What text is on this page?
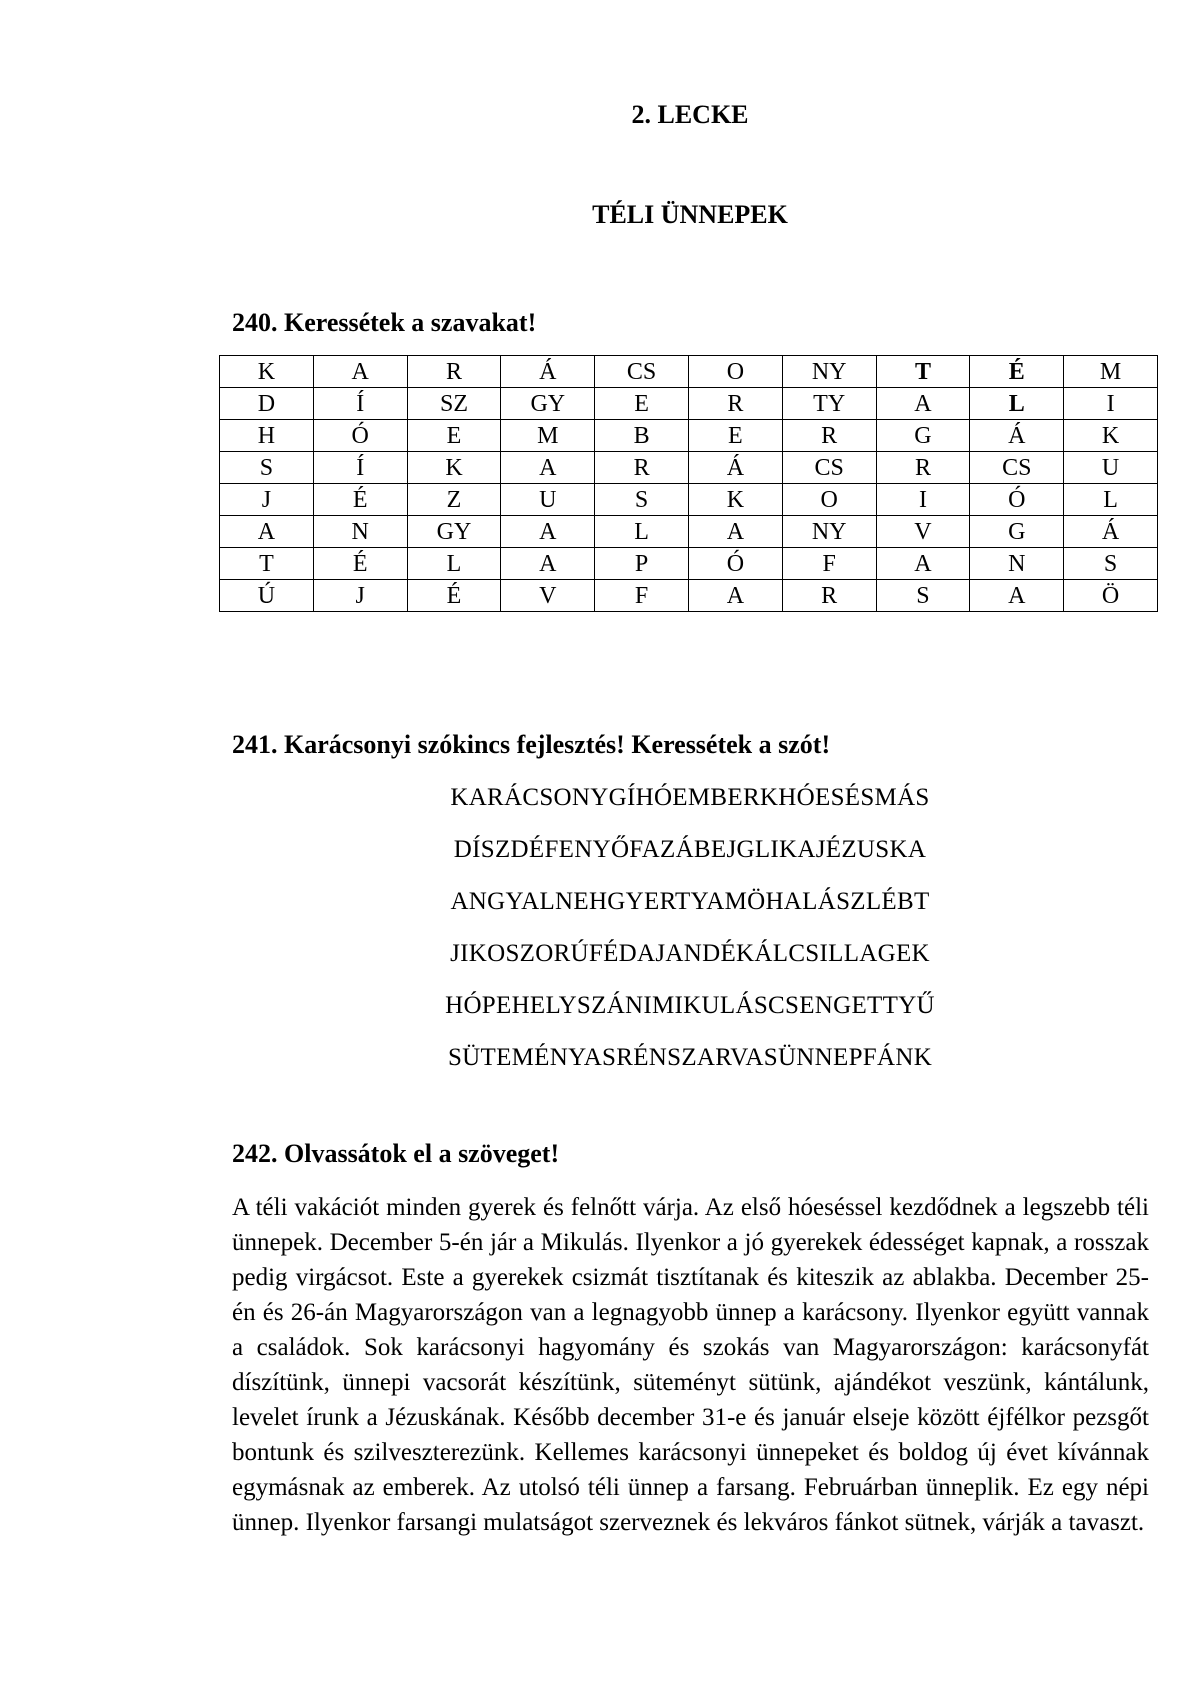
2. LECKE
TÉLI ÜNNEPEK
240. Keressétek a szavakat!
K	A	R	Á	CS	O	NY	T	É	M
D	Í	SZ	GY	E	R	TY	A	L	I
H	Ó	E	M	B	E	R	G	Á	K
S	Í	K	A	R	Á	CS	R	CS	U
J	É	Z	U	S	K	O	I	Ó	L
A	N	GY	A	L	A	NY	V	G	Á
T	É	L	A	P	Ó	F	A	N	S
Ú	J	É	V	F	A	R	S	A	Ö
241. Karácsonyi szókincs fejlesztés! Keressétek a szót!
KARÁCSONYGÍHÓEMBERKHÓESÉSMÁS
DÍSZDÉFENYŐFAZÁBEJGLIKAJÉZUSKA
ANGYALNEHGYERTYAMÖHALÁSZLÉBT
JIKOSZORÚFÉDAJANDÉKÁLCSILLAGEK
HÓPEHELYSZÁNIMIKULÁSCSENGETTYŰ
SÜTEMÉNYASRÉNSZARVASÜNNEPFÁNK
242. Olvassátok el a szöveget!
A téli vakációt minden gyerek és felnőtt várja. Az első hóeséssel kezdődnek a legszebb téli ünnepek. December 5-én jár a Mikulás. Ilyenkor a jó gyerekek édességet kapnak, a rosszak pedig virgácsot. Este a gyerekek csizmát tisztítanak és kiteszik az ablakba. December 25-én és 26-án Magyarországon van a legnagyobb ünnep a karácsony. Ilyenkor együtt vannak a családok. Sok karácsonyi hagyomány és szokás van Magyarországon: karácsonyfát díszítünk, ünnepi vacsorát készítünk, süteményt sütünk, ajándékot veszünk, kántálunk, levelet írunk a Jézuskának. Később december 31-e és január elseje között éjfélkor pezsgőt bontunk és szilveszterezünk. Kellemes karácsonyi ünnepeket és boldog új évet kívánnak egymásnak az emberek. Az utolsó téli ünnep a farsang. Februárban ünneplik. Ez egy népi ünnep. Ilyenkor farsangi mulatságot szerveznek és lekváros fánkot sütnek, várják a tavaszt.
